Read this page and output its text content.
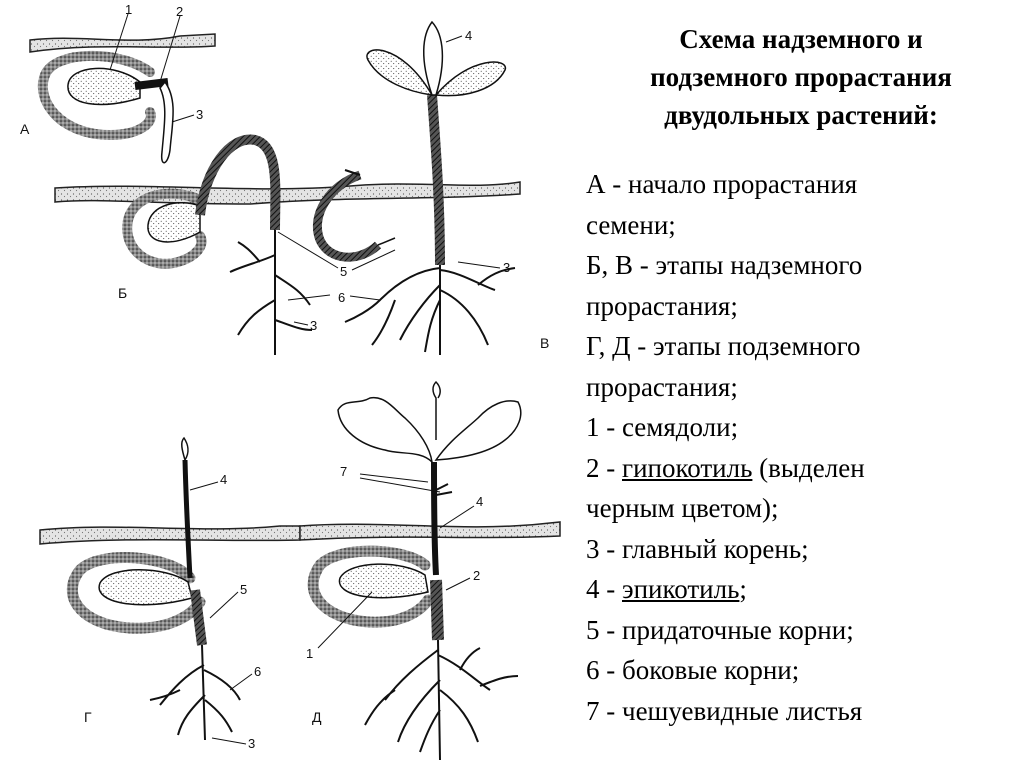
1	2
3
А
3
Б
4
3
5
6
В
4
5
6
3
Г
7
4
2
1
Д
Схема надземного и
подземного прорастания
двудольных растений:
А - начало прорастания
семени;
Б, В - этапы надземного
прорастания;
Г, Д - этапы подземного
прорастания;
1 - семядоли;
2 - гипокотиль (выделен
черным цветом);
3 - главный корень;
4 - эпикотиль;
5 - придаточные корни;
6 - боковые корни;
7 - чешуевидные листья
